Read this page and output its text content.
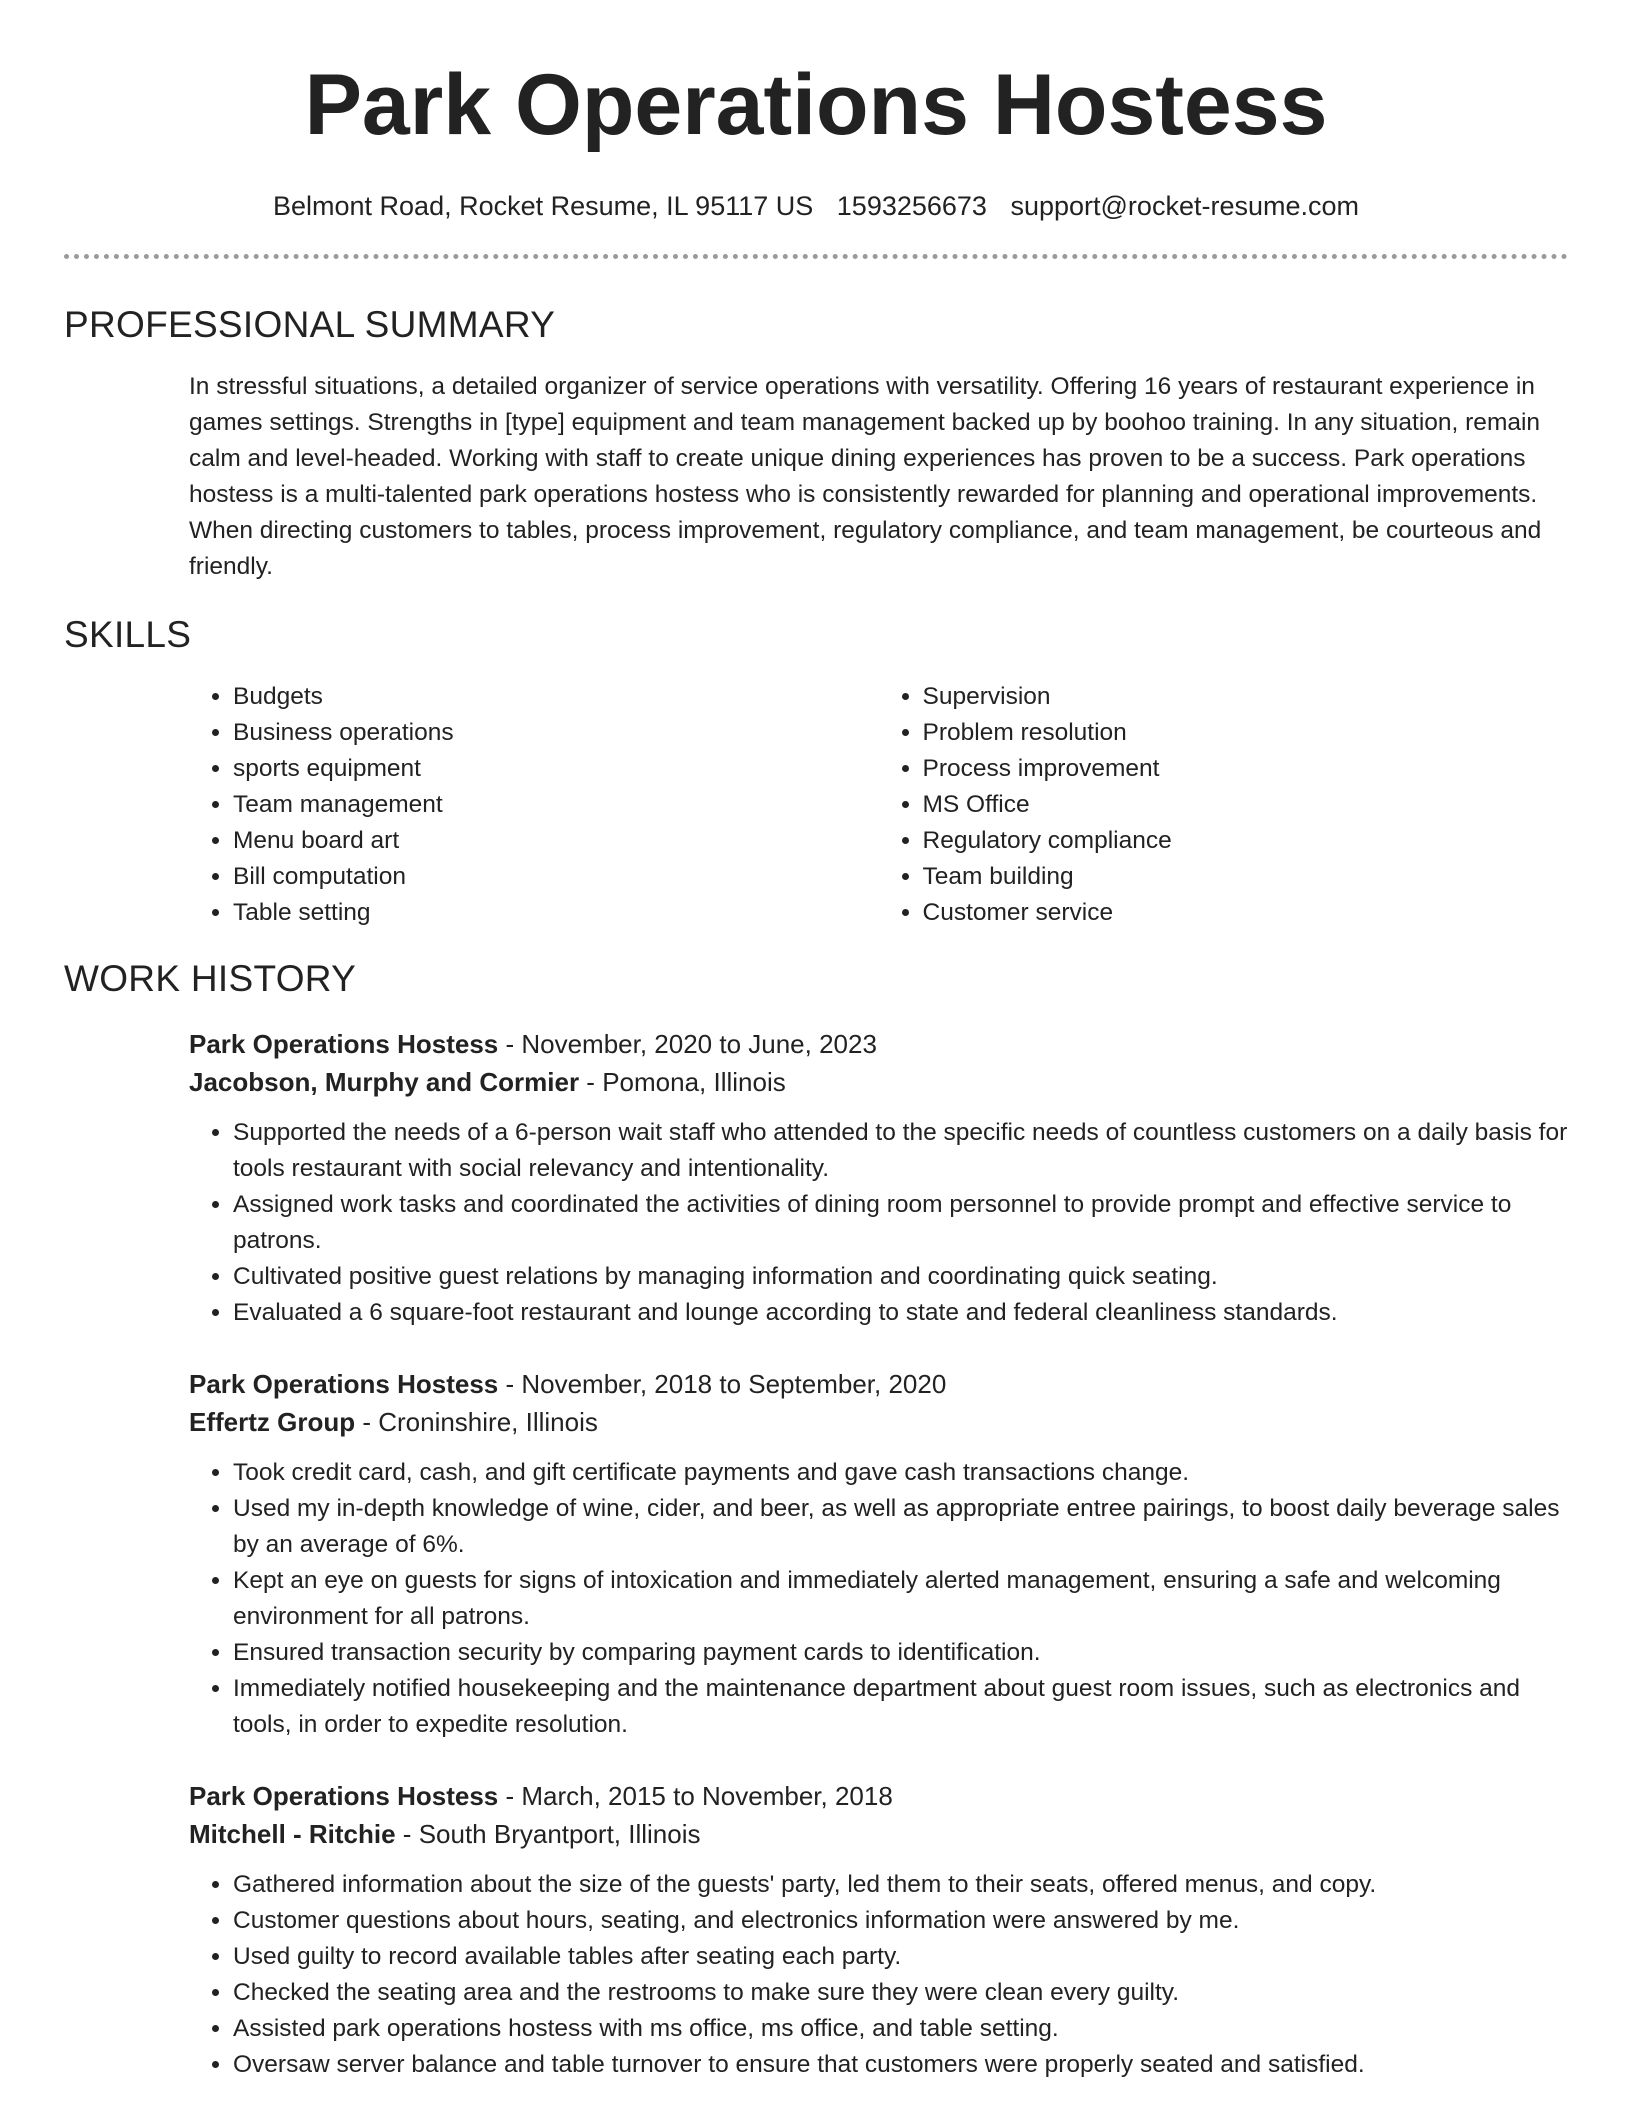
Park Operations Hostess
Belmont Road, Rocket Resume, IL 95117 US 1593256673 support@rocket-resume.com
PROFESSIONAL SUMMARY

In stressful situations, a detailed organizer of service operations with versatility. Offering 16 years of restaurant experience in games settings. Strengths in [type] equipment and team management backed up by boohoo training. In any situation, remain calm and level-headed. Working with staff to create unique dining experiences has proven to be a success. Park operations hostess is a multi-talented park operations hostess who is consistently rewarded for planning and operational improvements. When directing customers to tables, process improvement, regulatory compliance, and team management, be courteous and friendly.

SKILLS
• Budgets
• Business operations
• sports equipment
• Team management
• Menu board art
• Bill computation
• Table setting
• Supervision
• Problem resolution
• Process improvement
• MS Office
• Regulatory compliance
• Team building
• Customer service
WORK HISTORY
Park Operations Hostess - November, 2020 to June, 2023
Jacobson, Murphy and Cormier - Pomona, Illinois
• Supported the needs of a 6-person wait staff who attended to the specific needs of countless customers on a daily basis for tools restaurant with social relevancy and intentionality.
• Assigned work tasks and coordinated the activities of dining room personnel to provide prompt and effective service to patrons.
• Cultivated positive guest relations by managing information and coordinating quick seating.
• Evaluated a 6 square-foot restaurant and lounge according to state and federal cleanliness standards.
Park Operations Hostess - November, 2018 to September, 2020
Effertz Group - Croninshire, Illinois
• Took credit card, cash, and gift certificate payments and gave cash transactions change.
• Used my in-depth knowledge of wine, cider, and beer, as well as appropriate entree pairings, to boost daily beverage sales by an average of 6%.
• Kept an eye on guests for signs of intoxication and immediately alerted management, ensuring a safe and welcoming environment for all patrons.
• Ensured transaction security by comparing payment cards to identification.
• Immediately notified housekeeping and the maintenance department about guest room issues, such as electronics and tools, in order to expedite resolution.
Park Operations Hostess - March, 2015 to November, 2018
Mitchell - Ritchie - South Bryantport, Illinois
• Gathered information about the size of the guests' party, led them to their seats, offered menus, and copy.
• Customer questions about hours, seating, and electronics information were answered by me.
• Used guilty to record available tables after seating each party.
• Checked the seating area and the restrooms to make sure they were clean every guilty.
• Assisted park operations hostess with ms office, ms office, and table setting.
• Oversaw server balance and table turnover to ensure that customers were properly seated and satisfied.
